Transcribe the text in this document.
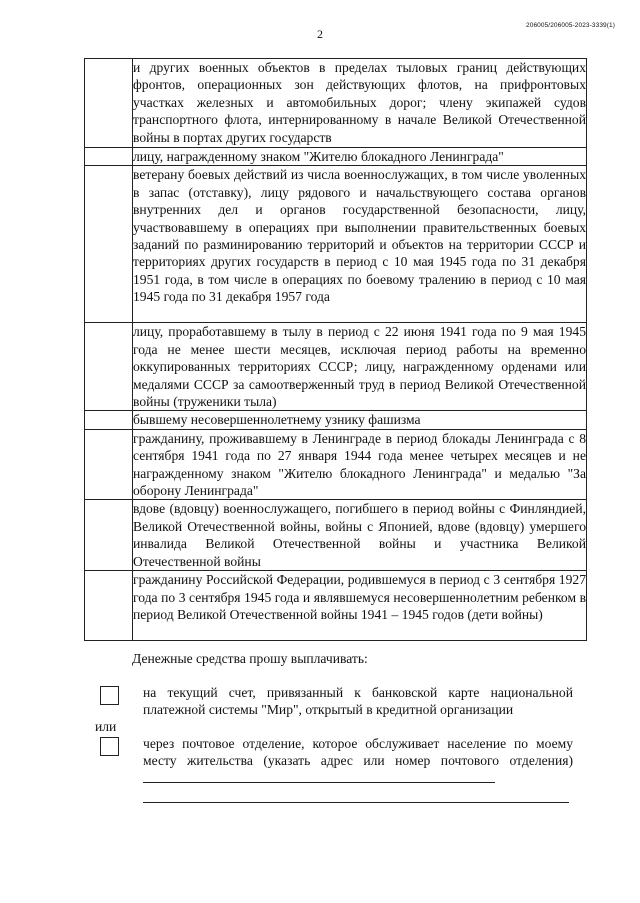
2
206005/206005-2023-3339(1)
	и других военных объектов в пределах тыловых границ действующих фронтов, операционных зон действующих флотов, на прифронтовых участках железных и автомобильных дорог; члену экипажей судов транспортного флота, интернированному в начале Великой Отечественной войны в портах других государств
	лицу, награжденному знаком "Жителю блокадного Ленинграда"
	ветерану боевых действий из числа военнослужащих, в том числе уволенных в запас (отставку), лицу рядового и начальствующего состава органов внутренних дел и органов государственной безопасности, лицу, участвовавшему в операциях при выполнении правительственных боевых заданий по разминированию территорий и объектов на территории СССР и территориях других государств в период с 10 мая 1945 года по 31 декабря 1951 года, в том числе в операциях по боевому тралению в период с 10 мая 1945 года по 31 декабря 1957 года
	лицу, проработавшему в тылу в период с 22 июня 1941 года по 9 мая 1945 года не менее шести месяцев, исключая период работы на временно оккупированных территориях СССР; лицу, награжденному орденами или медалями СССР за самоотверженный труд в период Великой Отечественной войны (труженики тыла)
	бывшему несовершеннолетнему узнику фашизма
	гражданину, проживавшему в Ленинграде в период блокады Ленинграда с 8 сентября 1941 года по 27 января 1944 года менее четырех месяцев и не награжденному знаком "Жителю блокадного Ленинграда" и медалью "За оборону Ленинграда"
	вдове (вдовцу) военнослужащего, погибшего в период войны с Финляндией, Великой Отечественной войны, войны с Японией, вдове (вдовцу) умершего инвалида Великой Отечественной войны и участника Великой Отечественной войны
	гражданину Российской Федерации, родившемуся в период с 3 сентября 1927 года по 3 сентября 1945 года и являвшемуся несовершеннолетним ребенком в период Великой Отечественной войны 1941 – 1945 годов (дети войны)
Денежные средства прошу выплачивать:
на текущий счет, привязанный к банковской карте национальной платежной системы "Мир", открытый в кредитной организации
или
через почтовое отделение, которое обслуживает население по моему месту жительства (указать адрес или номер почтового отделения)
